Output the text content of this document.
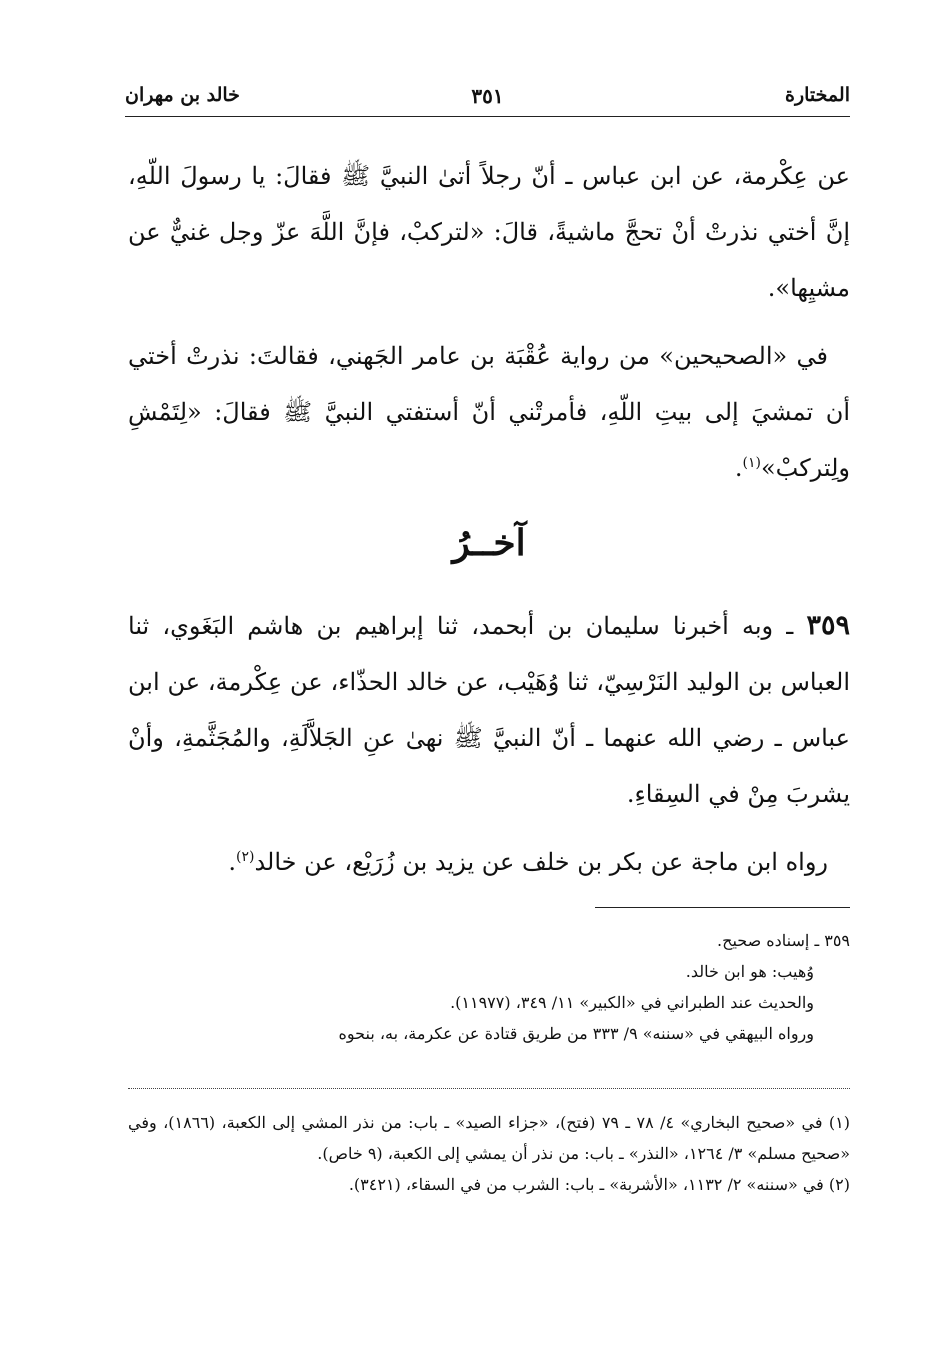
المختارة
٣٥١
خالد بن مهران

عن عِكْرمة، عن ابن عباس ـ أنّ رجلاً أتىٰ النبيَّ ﷺ فقالَ: يا رسولَ اللّهِ، إنَّ أختي نذرتْ أنْ تحجَّ ماشيةً، قالَ: «لتركبْ، فإنَّ اللَّهَ عزّ وجل غنيٌّ عن مشيِها».

في «الصحيحين» من رواية عُقْبَة بن عامر الجَهني، فقالتَ: نذرتْ أختي أن تمشيَ إلى بيتِ اللّهِ، فأمرتْني أنّ أستفتي النبيَّ ﷺ فقالَ: «لِتَمْشِ ولِتركبْ»$^{(١)}$.

آخــرُ

٣٥٩ ـ وبه أخبرنا سليمان بن أبحمد، ثنا إبراهيم بن هاشم البَغَوي، ثنا العباس بن الوليد النَرْسِيّ، ثنا وُهَيْب، عن خالد الحذّاء، عن عِكْرمة، عن ابن عباس ـ رضي الله عنهما ـ أنّ النبيَّ ﷺ نهىٰ عنِ الجَلاَّلَةِ، والمُجَثَّمةِ، وأنْ يشربَ مِنْ في السِقاءِ.

رواه ابن ماجة عن بكر بن خلف عن يزيد بن زُرَيْع، عن خالد$^{(٢)}$.

٣٥٩ ـ إسناده صحيح.

وُهيب: هو ابن خالد.

والحديث عند الطبراني في «الكبير» ١١/ ٣٤٩، (١١٩٧٧).

ورواه البيهقي في «سننه» ٩/ ٣٣٣ من طريق قتادة عن عكرمة، به، بنحوه

(١) في «صحيح البخاري» ٤/ ٧٨ ـ ٧٩ (فتح)، «جزاء الصيد» ـ باب: من نذر المشي إلى الكعبة، (١٨٦٦)، وفي «صحيح مسلم» ٣/ ١٢٦٤، «النذر» ـ باب: من نذر أن يمشي إلى الكعبة، (٩ خاص).

(٢) في «سننه» ٢/ ١١٣٢، «الأشربة» ـ باب: الشرب من في السقاء، (٣٤٢١).
